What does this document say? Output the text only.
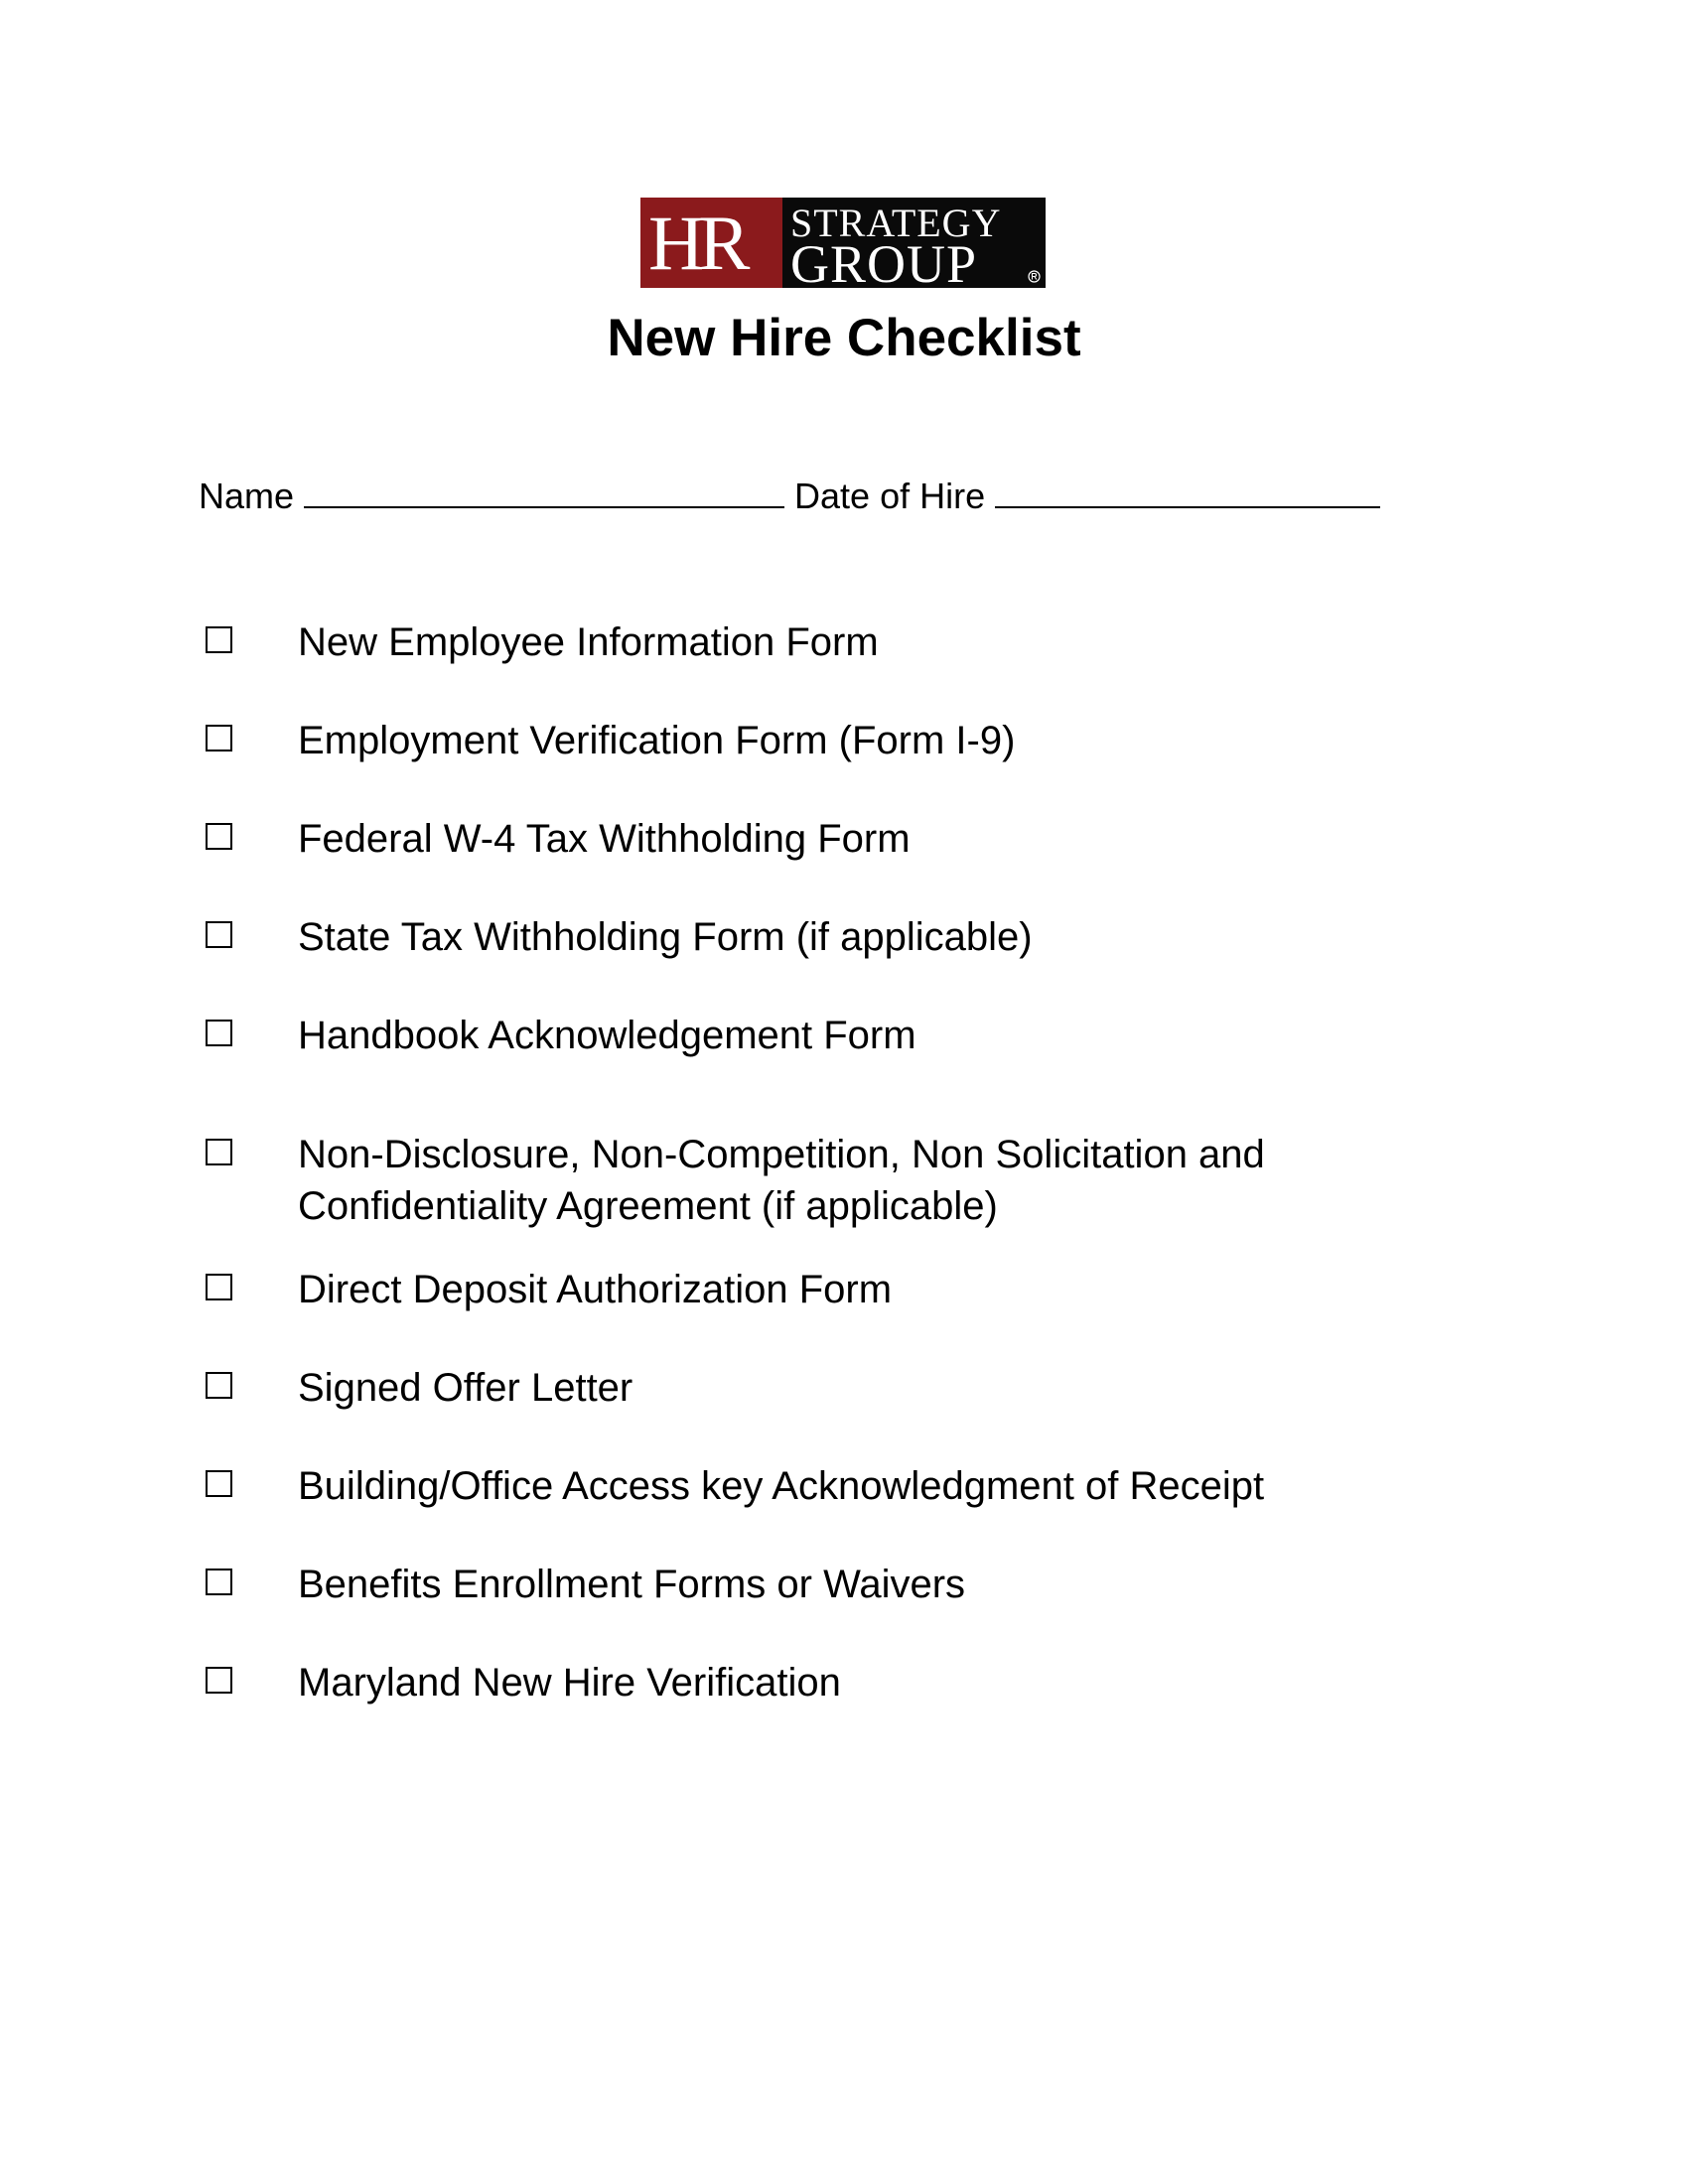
HR STRATEGY
GROUP
New Hire Checklist
Name	Date of Hire
New Employee Information Form
Employment Verification Form (Form I-9)
Federal W-4 Tax Withholding Form
State Tax Withholding Form (if applicable)
Handbook Acknowledgement Form
Non-Disclosure, Non-Competition, Non Solicitation and Confidentiality Agreement (if applicable)
Direct Deposit Authorization Form
Signed Offer Letter
Building/Office Access key Acknowledgment of Receipt
Benefits Enrollment Forms or Waivers
Maryland New Hire Verification
